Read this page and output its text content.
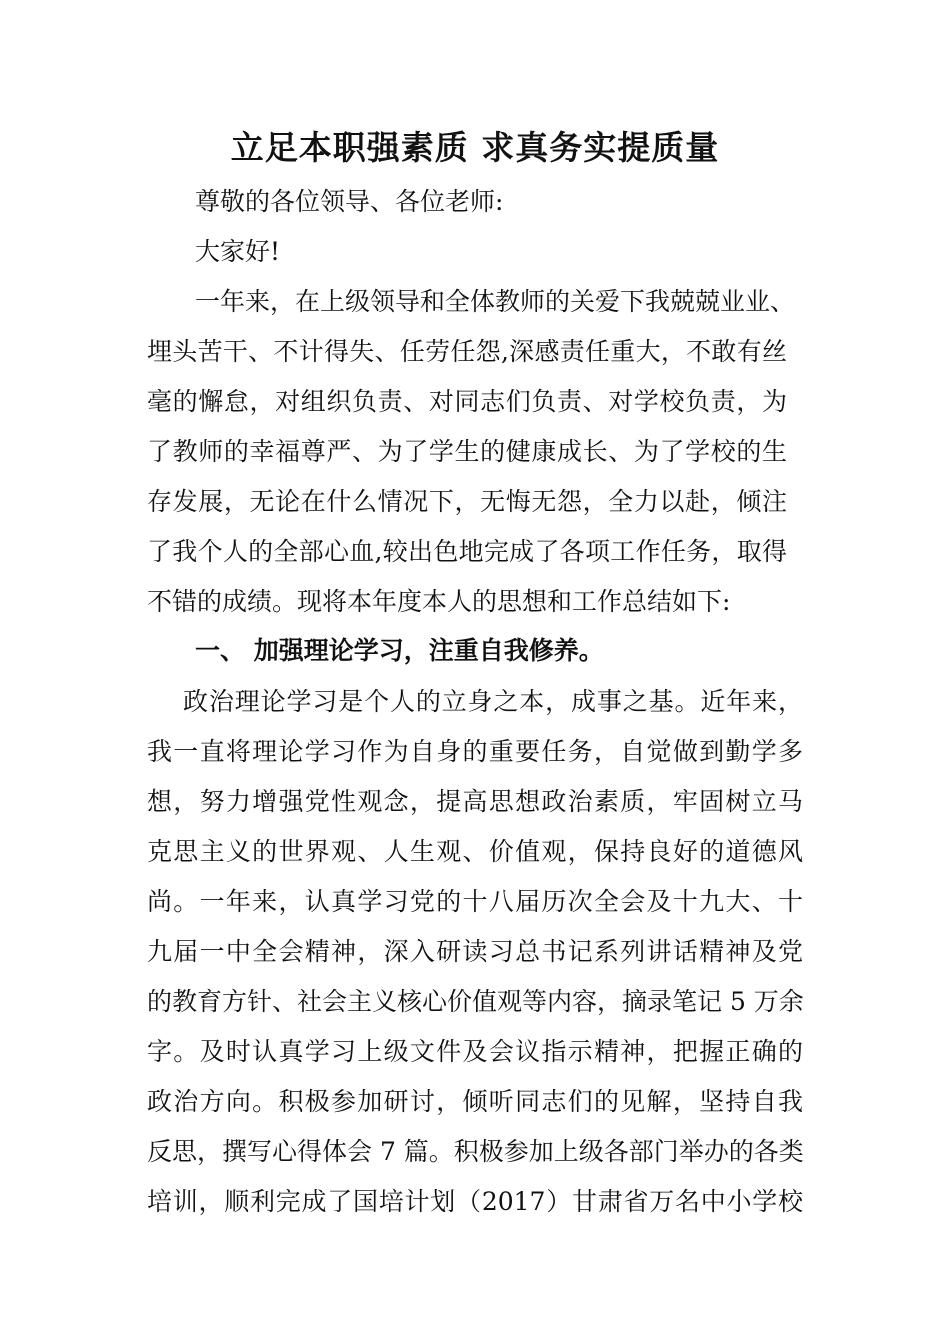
立足本职强素质 求真务实提质量
尊敬的各位领导、各位老师:
大家好!
一年来，在上级领导和全体教师的关爱下我兢兢业业、
埋头苦干、不计得失、任劳任怨,深感责任重大，不敢有丝
毫的懈怠，对组织负责、对同志们负责、对学校负责，为
了教师的幸福尊严、为了学生的健康成长、为了学校的生
存发展，无论在什么情况下，无悔无怨，全力以赴，倾注
了我个人的全部心血,较出色地完成了各项工作任务，取得
不错的成绩。现将本年度本人的思想和工作总结如下:
一、 加强理论学习，注重自我修养。
政治理论学习是个人的立身之本，成事之基。近年来，
我一直将理论学习作为自身的重要任务，自觉做到勤学多
想，努力增强党性观念，提高思想政治素质，牢固树立马
克思主义的世界观、人生观、价值观，保持良好的道德风
尚。一年来，认真学习党的十八届历次全会及十九大、十
九届一中全会精神，深入研读习总书记系列讲话精神及党
的教育方针、社会主义核心价值观等内容，摘录笔记 5 万余
字。及时认真学习上级文件及会议指示精神，把握正确的
政治方向。积极参加研讨，倾听同志们的见解，坚持自我
反思，撰写心得体会 7 篇。积极参加上级各部门举办的各类
培训，顺利完成了国培计划（2017）甘肃省万名中小学校
